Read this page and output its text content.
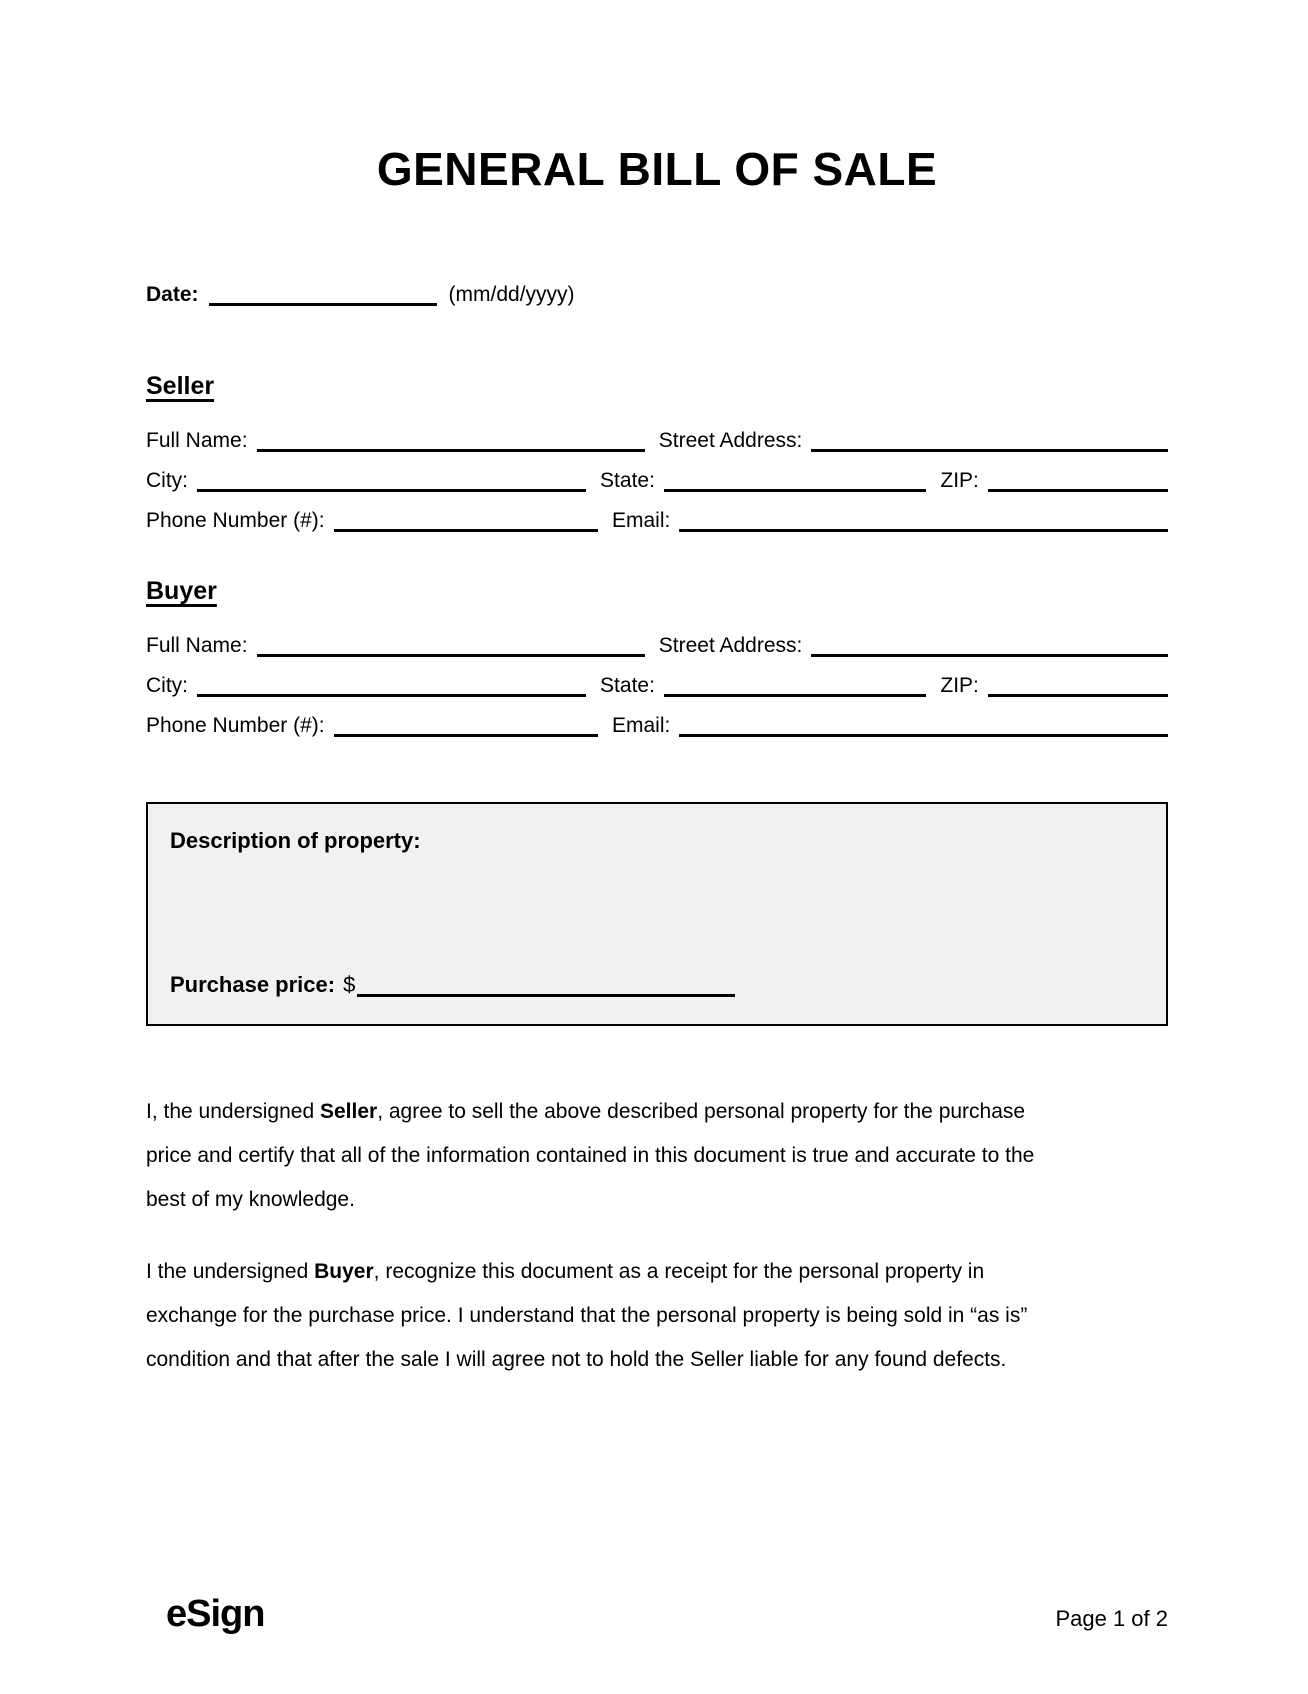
GENERAL BILL OF SALE
Date:	(mm/dd/yyyy)
Seller
Full Name:	Street Address:
City:	State:	ZIP:
Phone Number (#):	Email:
Buyer
Full Name:	Street Address:
City:	State:	ZIP:
Phone Number (#):	Email:
Description of property:
Purchase price: $

I, the undersigned Seller, agree to sell the above described personal property for the purchase
price and certify that all of the information contained in this document is true and accurate to the
best of my knowledge.

I the undersigned Buyer, recognize this document as a receipt for the personal property in
exchange for the purchase price. I understand that the personal property is being sold in “as is”
condition and that after the sale I will agree not to hold the Seller liable for any found defects.

eSign	Page 1 of 2
